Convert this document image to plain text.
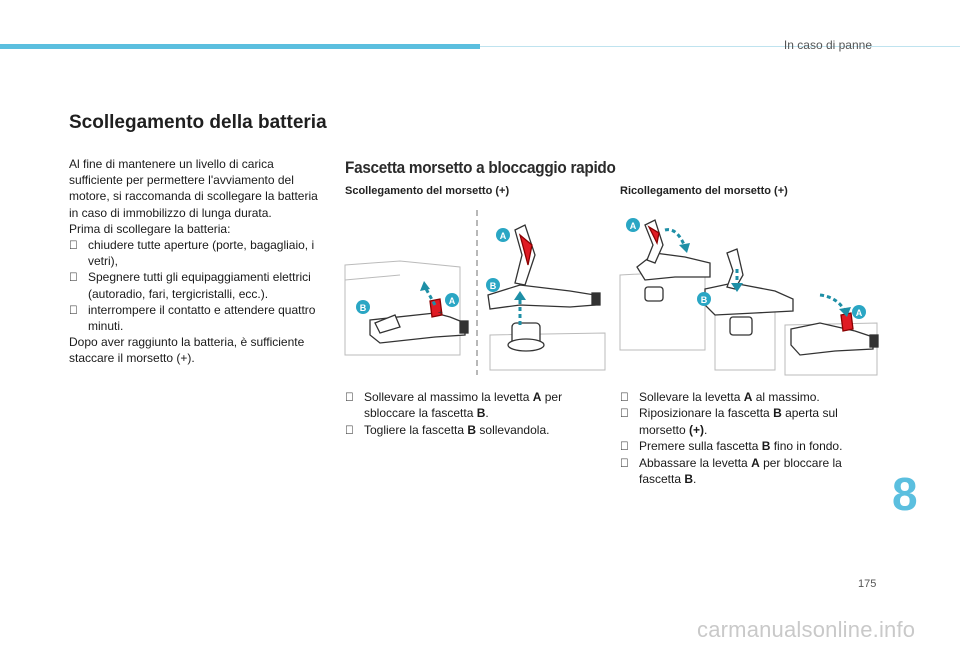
In caso di panne
Scollegamento della batteria

Al fine di mantenere un livello di carica sufficiente per permettere l'avviamento del motore, si raccomanda di scollegare la batteria in caso di immobilizzo di lunga durata.

Prima di scollegare la batteria:

chiudere tutte aperture (porte, bagagliaio, i vetri),
Spegnere tutti gli equipaggiamenti elettrici (autoradio, fari, tergicristalli, ecc.).
interrompere il contatto e attendere quattro minuti.

Dopo aver raggiunto la batteria, è sufficiente staccare il morsetto (+).

Fascetta morsetto a bloccaggio rapido
Scollegamento del morsetto (+)	Ricollegamento del morsetto (+)
A
B
A
B
+
A
B
A
Sollevare al massimo la levetta A per sbloccare la fascetta B.
Togliere la fascetta B sollevandola.
Sollevare la levetta A al massimo.
Riposizionare la fascetta B aperta sul morsetto (+).
Premere sulla fascetta B fino in fondo.
Abbassare la levetta A per bloccare la fascetta B.	8
175
carmanualsonline.info
